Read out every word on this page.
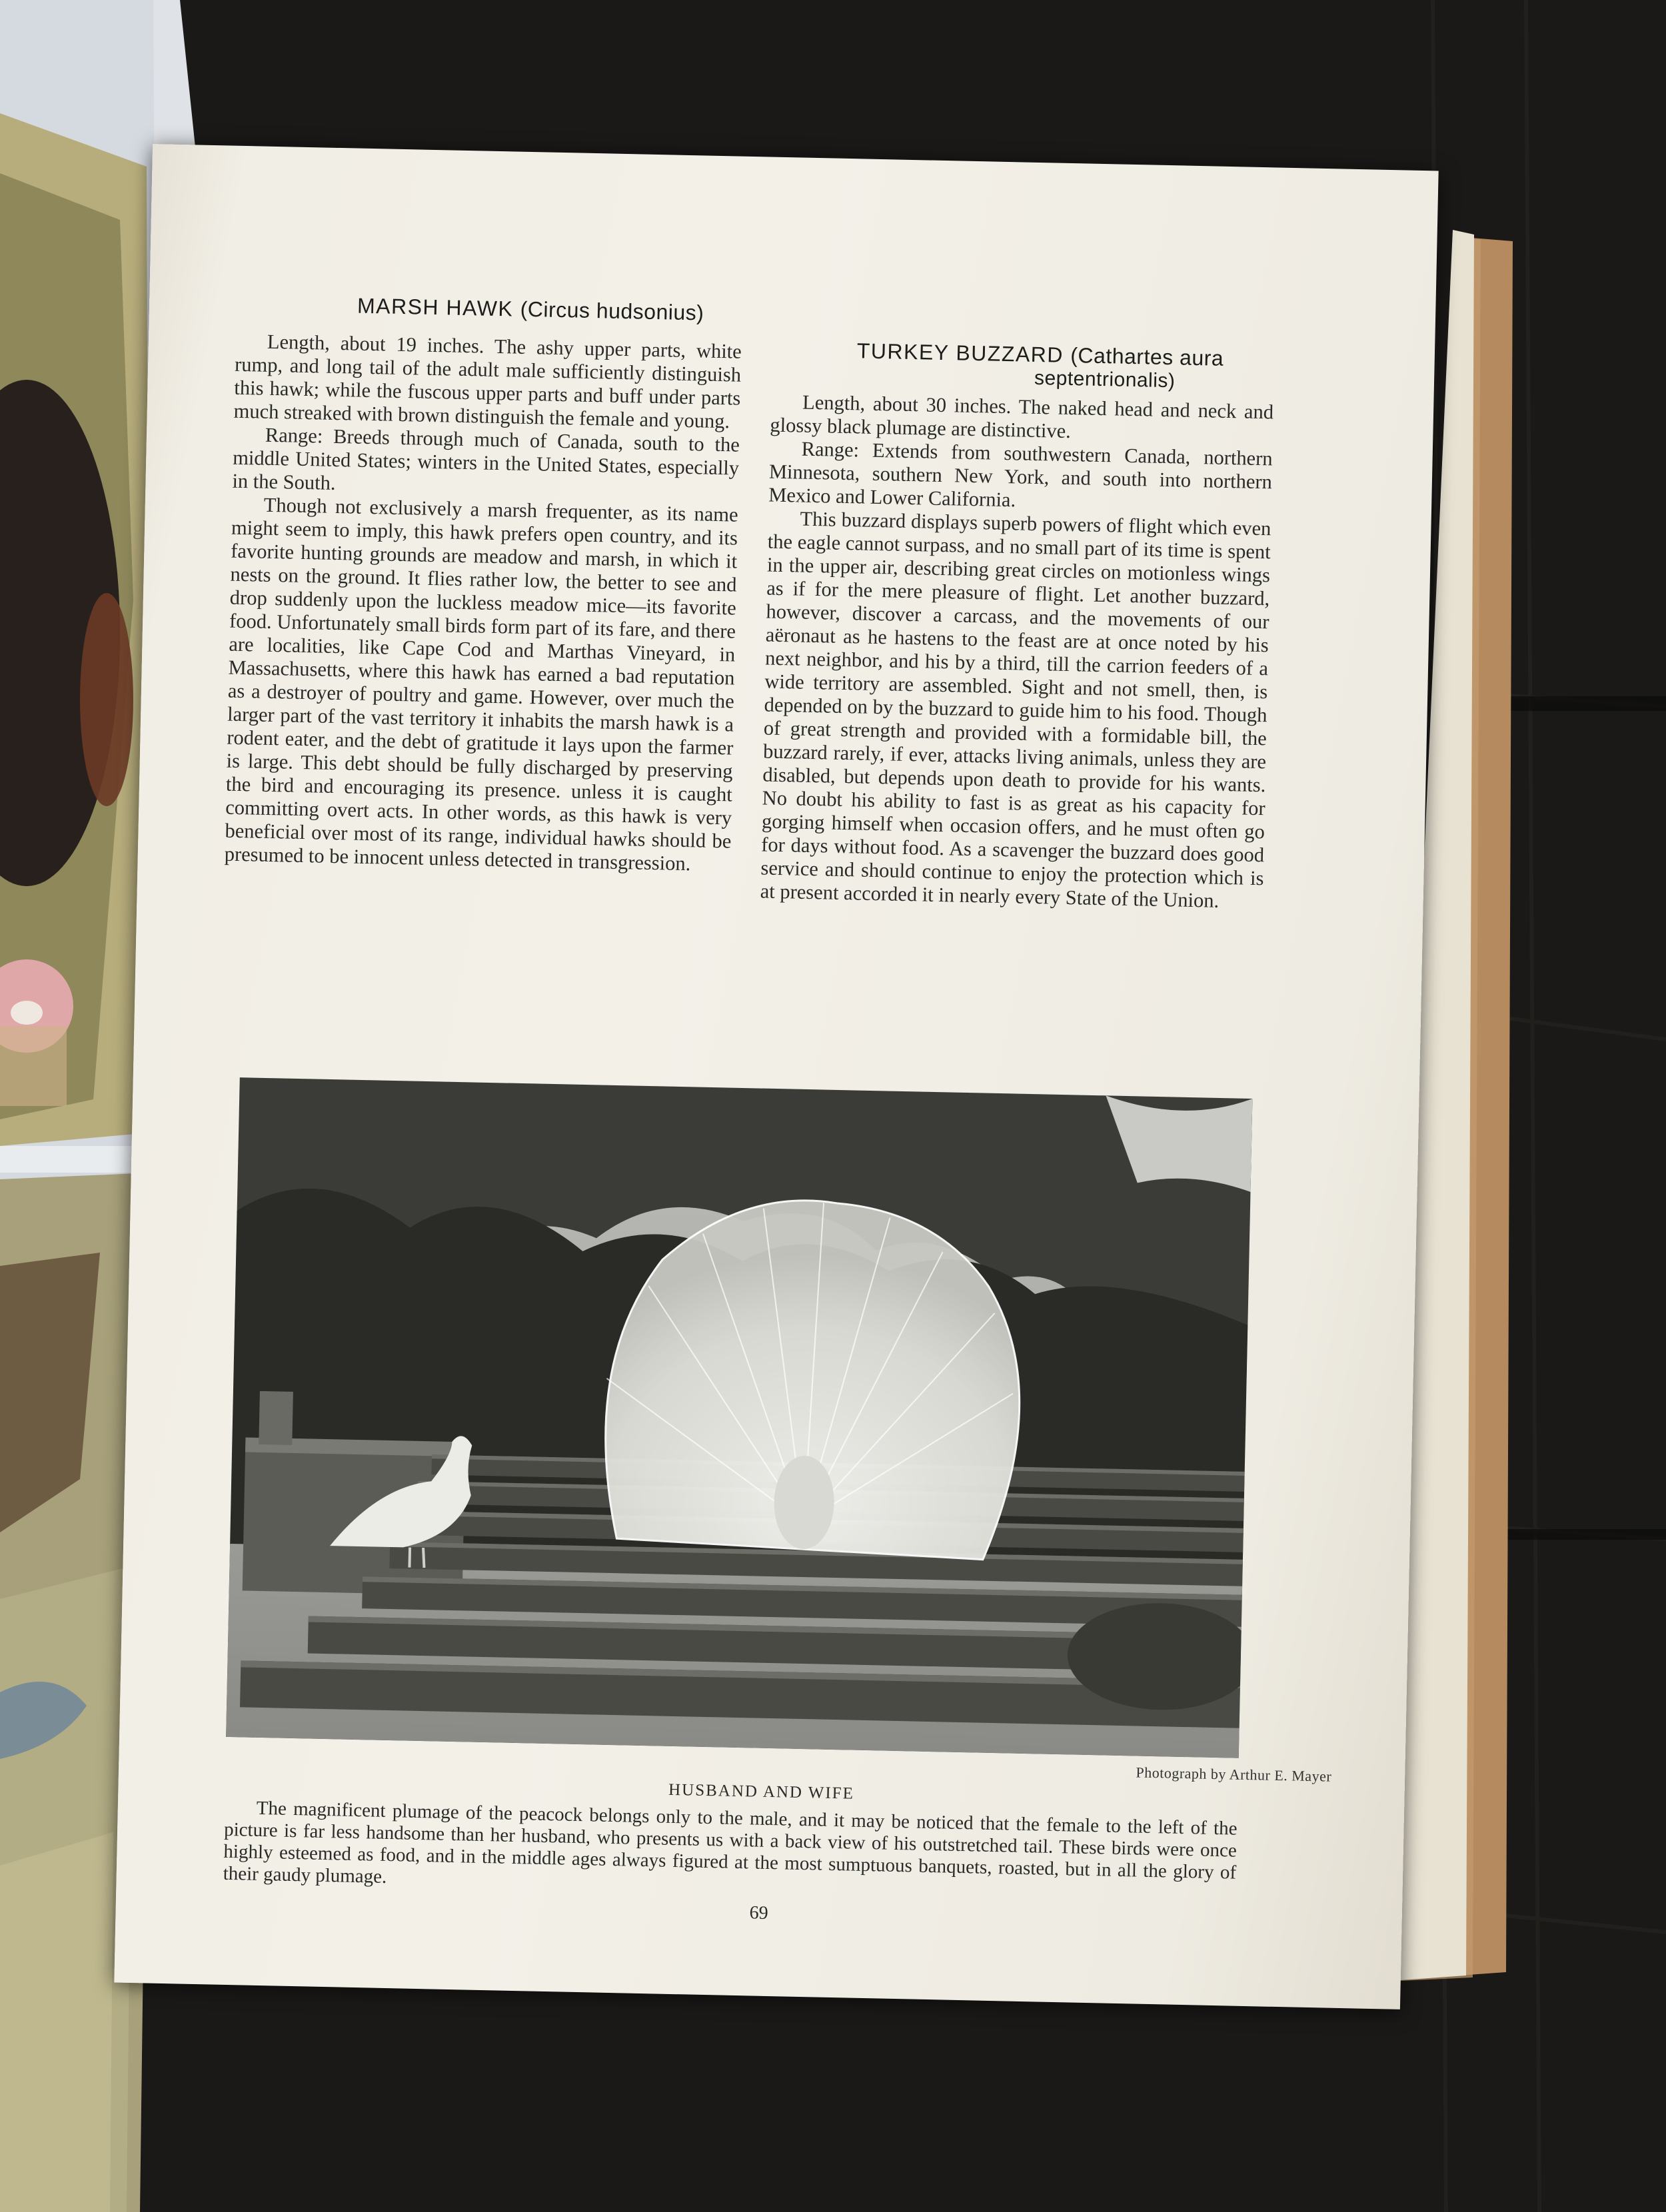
MARSH HAWK (Circus hudsonius)
TURKEY BUZZARD (Cathartes aura
septentrionalis)

Length, about 19 inches. The ashy upper parts, white rump, and long tail of the adult male sufficiently distinguish this hawk; while the fuscous upper parts and buff under parts much streaked with brown distinguish the female and young.

Range: Breeds through much of Canada, south to the middle United States; winters in the United States, especially in the South.

Though not exclusively a marsh frequenter, as its name might seem to imply, this hawk prefers open country, and its favorite hunting grounds are meadow and marsh, in which it nests on the ground. It flies rather low, the better to see and drop suddenly upon the luckless meadow mice—its favorite food. Unfortunately small birds form part of its fare, and there are localities, like Cape Cod and Marthas Vineyard, in Massachusetts, where this hawk has earned a bad reputation as a destroyer of poultry and game. However, over much the larger part of the vast territory it inhabits the marsh hawk is a rodent eater, and the debt of gratitude it lays upon the farmer is large. This debt should be fully discharged by preserving the bird and encouraging its presence. unless it is caught committing overt acts. In other words, as this hawk is very beneficial over most of its range, individual hawks should be presumed to be innocent unless detected in transgression.

Length, about 30 inches. The naked head and neck and glossy black plumage are distinctive.

Range: Extends from southwestern Canada, northern Minnesota, southern New York, and south into northern Mexico and Lower California.

This buzzard displays superb powers of flight which even the eagle cannot surpass, and no small part of its time is spent in the upper air, describing great circles on motionless wings as if for the mere pleasure of flight. Let another buzzard, however, discover a carcass, and the movements of our aëronaut as he hastens to the feast are at once noted by his next neighbor, and his by a third, till the carrion feeders of a wide territory are assembled. Sight and not smell, then, is depended on by the buzzard to guide him to his food. Though of great strength and provided with a formidable bill, the buzzard rarely, if ever, attacks living animals, unless they are disabled, but depends upon death to provide for his wants. No doubt his ability to fast is as great as his capacity for gorging himself when occasion offers, and he must often go for days without food. As a scavenger the buzzard does good service and should continue to enjoy the protection which is at present accorded it in nearly every State of the Union.

Photograph by Arthur E. Mayer
HUSBAND AND WIFE

The magnificent plumage of the peacock belongs only to the male, and it may be noticed that the female to the left of the picture is far less handsome than her husband, who presents us with a back view of his outstretched tail. These birds were once highly esteemed as food, and in the middle ages always figured at the most sumptuous banquets, roasted, but in all the glory of their gaudy plumage.

69
